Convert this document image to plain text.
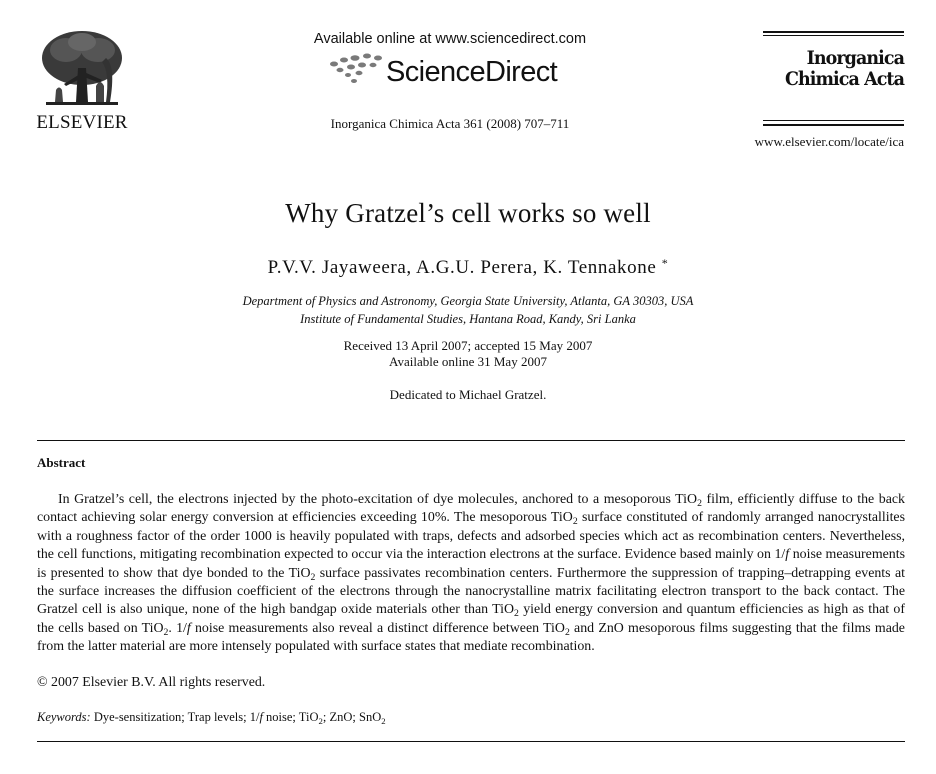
ELSEVIER
Available online at www.sciencedirect.com
ScienceDirect
Inorganica Chimica Acta 361 (2008) 707–711
Inorganica
Chimica Acta
www.elsevier.com/locate/ica
Why Gratzel’s cell works so well
P.V.V. Jayaweera, A.G.U. Perera, K. Tennakone *
Department of Physics and Astronomy, Georgia State University, Atlanta, GA 30303, USA
Institute of Fundamental Studies, Hantana Road, Kandy, Sri Lanka
Received 13 April 2007; accepted 15 May 2007
Available online 31 May 2007
Dedicated to Michael Gratzel.
Abstract

In Gratzel’s cell, the electrons injected by the photo-excitation of dye molecules, anchored to a mesoporous TiO$_2$ film, efficiently diffuse to the back contact achieving solar energy conversion at efficiencies exceeding 10%. The mesoporous TiO$_2$ surface constituted of randomly arranged nanocrystallites with a roughness factor of the order 1000 is heavily populated with traps, defects and adsorbed species which act as recombination centers. Nevertheless, the cell functions, mitigating recombination expected to occur via the interaction electrons at the surface. Evidence based mainly on 1/f noise measurements is presented to show that dye bonded to the TiO$_2$ surface passivates recombination centers. Furthermore the suppression of trapping–detrapping events at the surface increases the diffusion coefficient of the electrons through the nanocrystalline matrix facilitating electron transport to the back contact. The Gratzel cell is also unique, none of the high bandgap oxide materials other than TiO$_2$ yield energy conversion and quantum efficiencies as high as that of the cells based on TiO$_2$. 1/f noise measurements also reveal a distinct difference between TiO$_2$ and ZnO mesoporous films suggesting that the films made from the latter material are more intensely populated with surface states that mediate recombination.

© 2007 Elsevier B.V. All rights reserved.
Keywords: Dye-sensitization; Trap levels; 1/f noise; TiO$_2$; ZnO; SnO$_2$
